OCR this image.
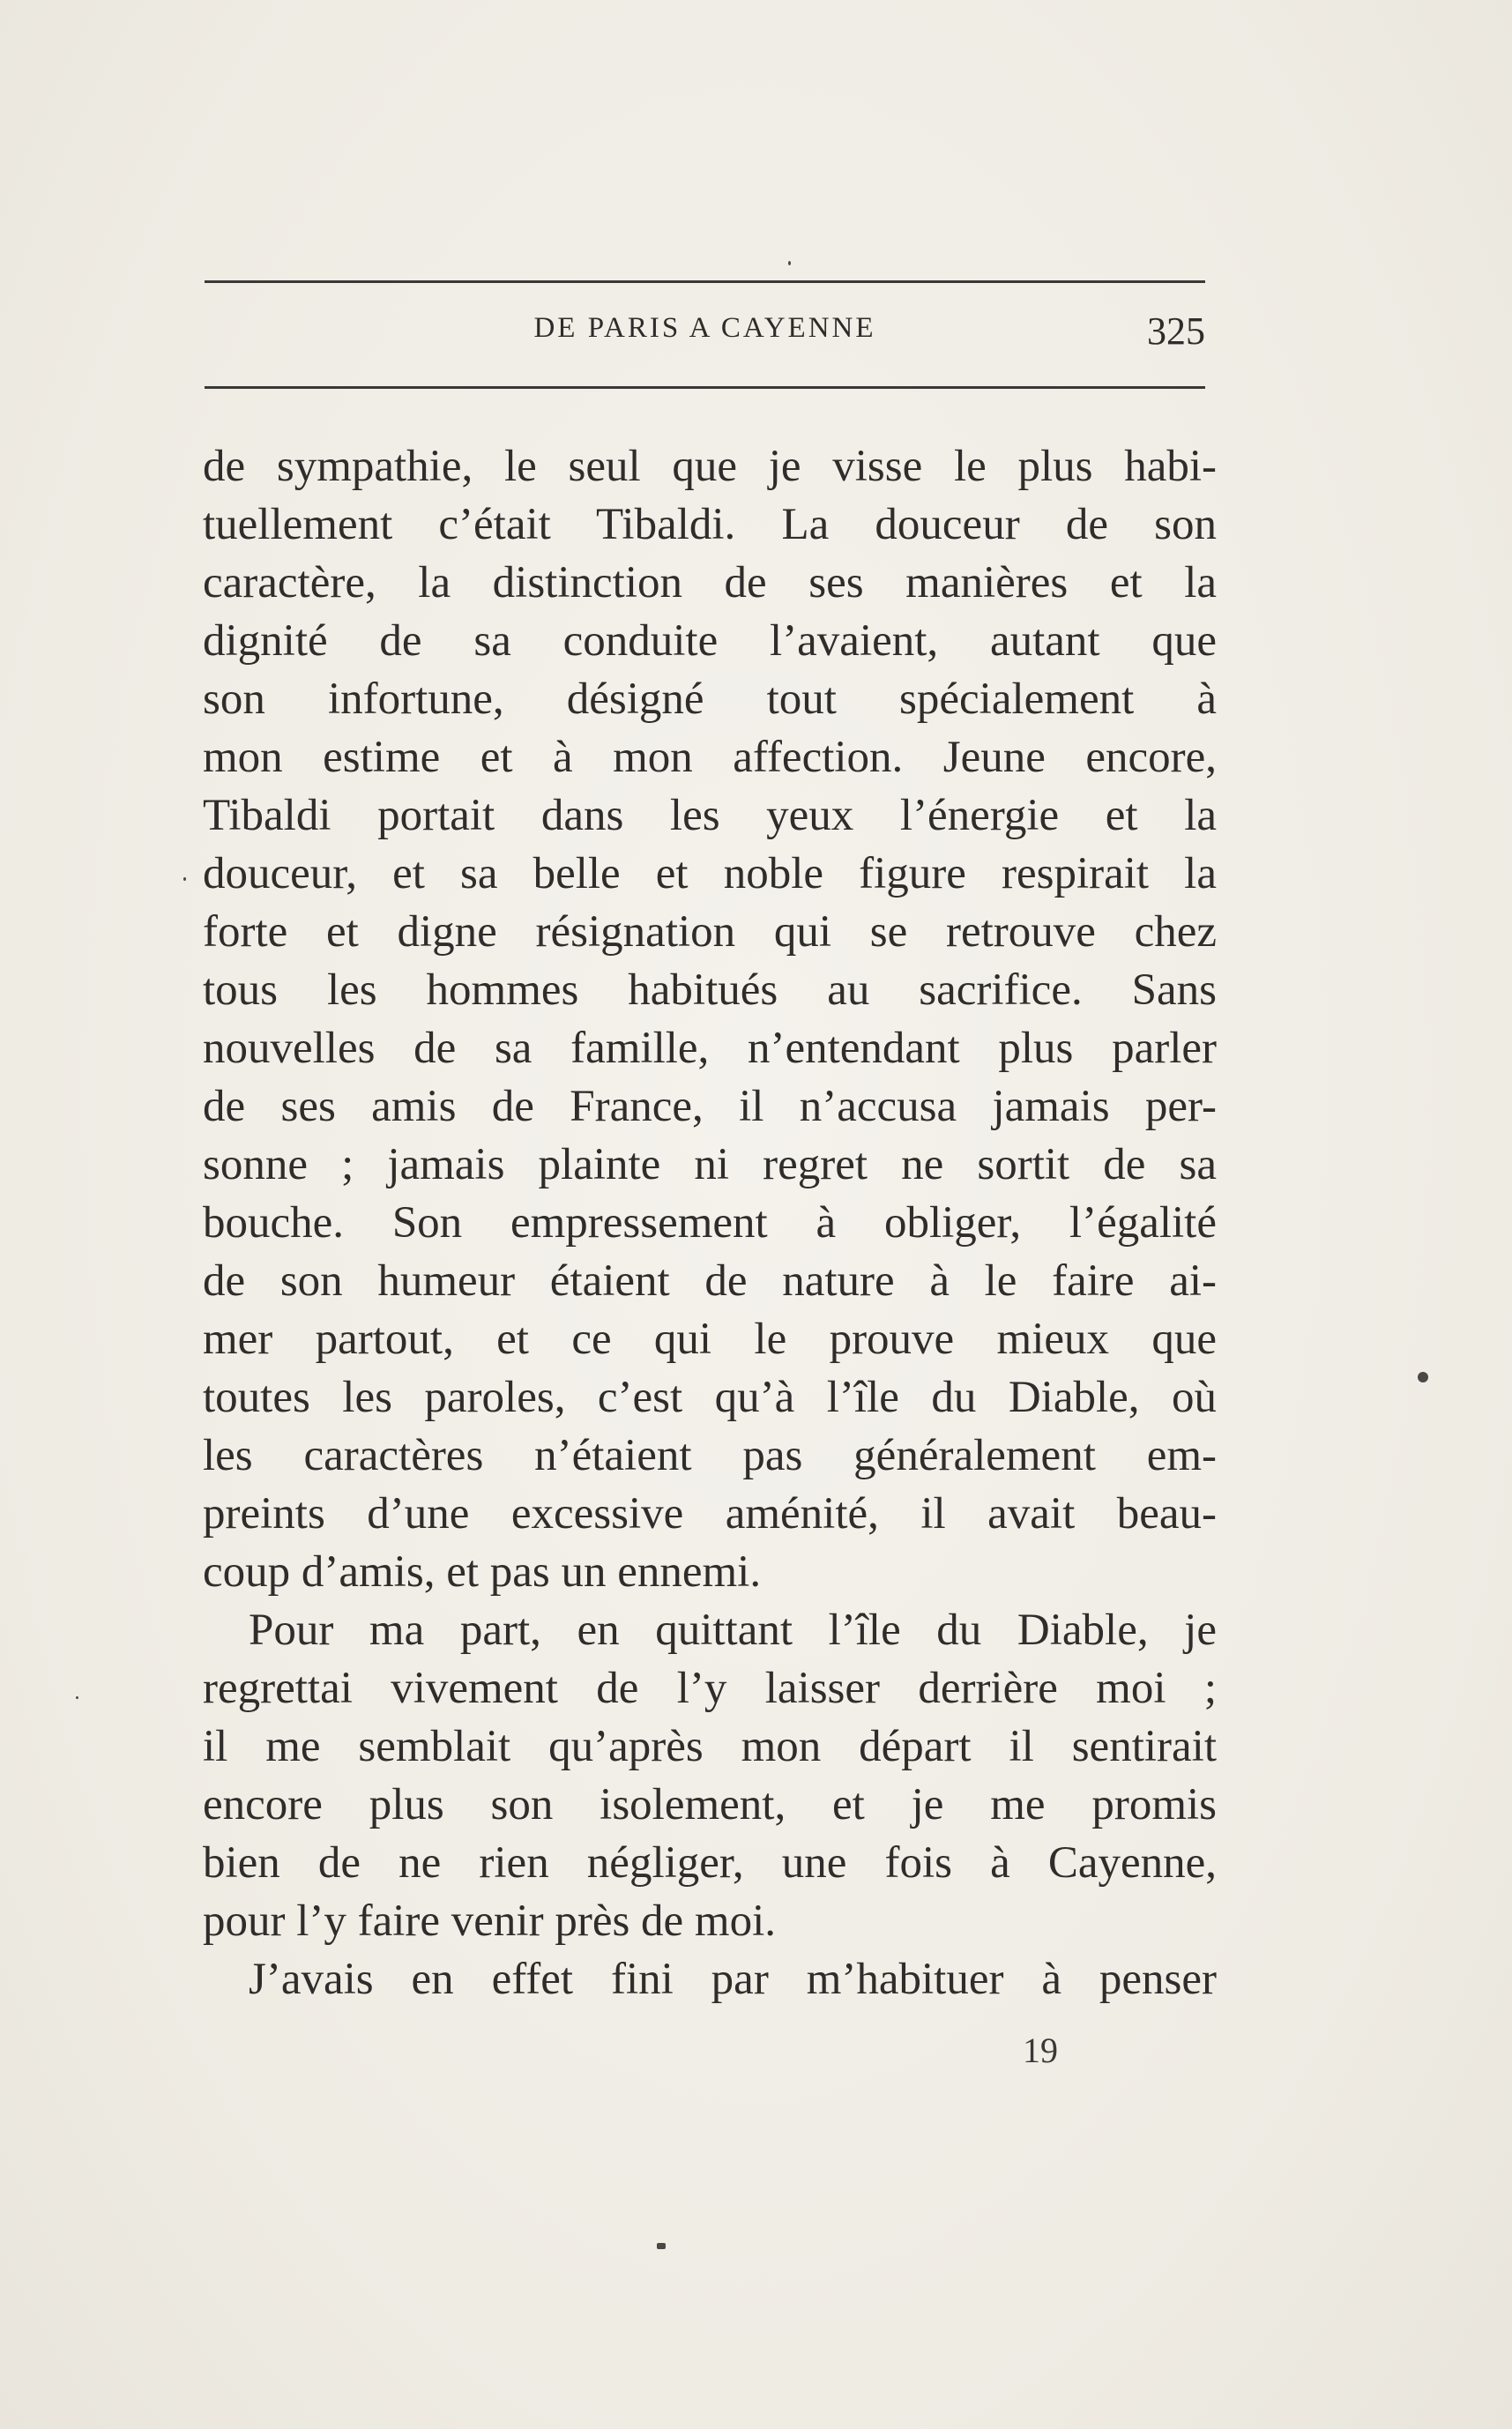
DE PARIS A CAYENNE	325
de sympathie, le seul que je visse le plus habi-
tuellement c’était Tibaldi. La douceur de son
caractère, la distinction de ses manières et la
dignité de sa conduite l’avaient, autant que
son infortune, désigné tout spécialement à
mon estime et à mon affection. Jeune encore,
Tibaldi portait dans les yeux l’énergie et la
douceur, et sa belle et noble figure respirait la
forte et digne résignation qui se retrouve chez
tous les hommes habitués au sacrifice. Sans
nouvelles de sa famille, n’entendant plus parler
de ses amis de France, il n’accusa jamais per-
sonne ; jamais plainte ni regret ne sortit de sa
bouche. Son empressement à obliger, l’égalité
de son humeur étaient de nature à le faire ai-
mer partout, et ce qui le prouve mieux que
toutes les paroles, c’est qu’à l’île du Diable, où
les caractères n’étaient pas généralement em-
preints d’une excessive aménité, il avait beau-
coup d’amis, et pas un ennemi.
Pour ma part, en quittant l’île du Diable, je
regrettai vivement de l’y laisser derrière moi ;
il me semblait qu’après mon départ il sentirait
encore plus son isolement, et je me promis
bien de ne rien négliger, une fois à Cayenne,
pour l’y faire venir près de moi.
J’avais en effet fini par m’habituer à penser
19
